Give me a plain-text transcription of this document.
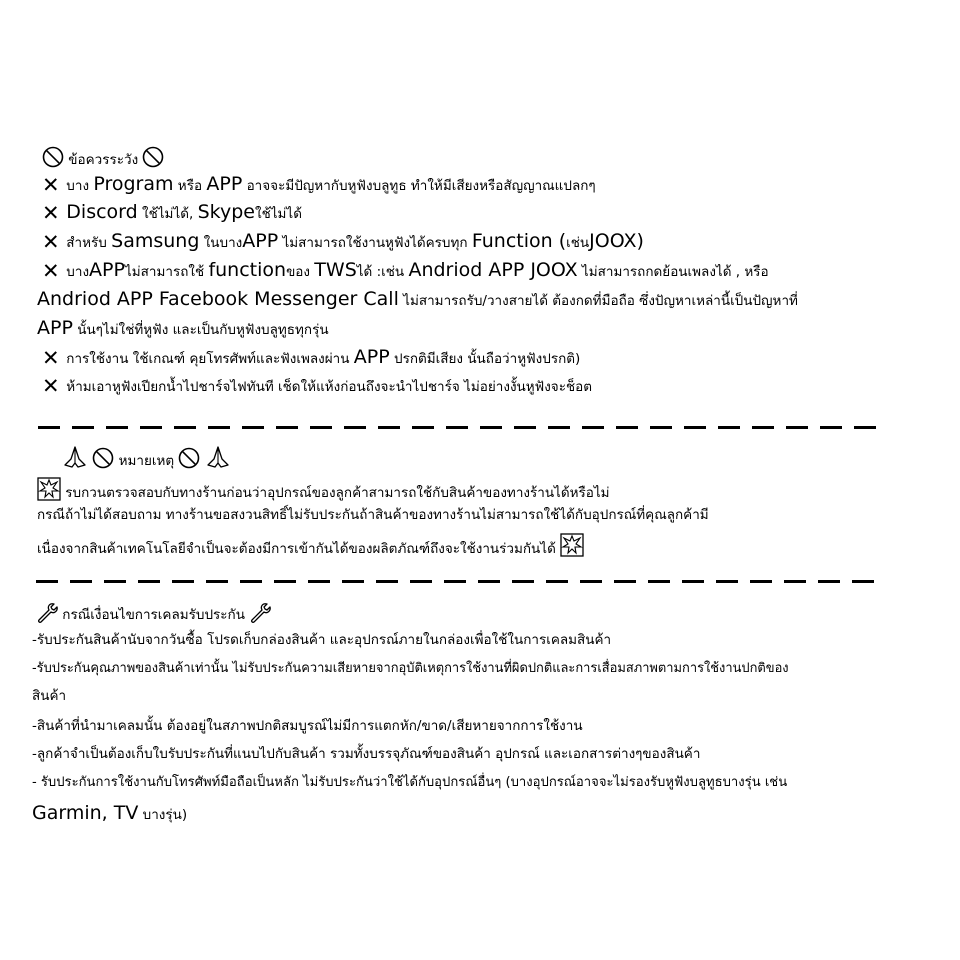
ข้อควรระวัง
✕ บาง Program หรือ APP อาจจะมีปัญหากับหูฟังบลูทูธ ทำให้มีเสียงหรือสัญญาณแปลกๆ
✕ Discord ใช้ไม่ได้, Skypeใช้ไม่ได้
✕ สำหรับ Samsung ในบางAPP ไม่สามารถใช้งานหูฟังได้ครบทุก Function (เช่นJOOX)
✕ บางAPPไม่สามารถใช้ functionของ TWSได้ :เช่น Andriod APP JOOX ไม่สามารถกดย้อนเพลงได้ , หรือ
Andriod APP Facebook Messenger Call ไม่สามารถรับ/วางสายได้ ต้องกดที่มือถือ ซึ่งปัญหาเหล่านี้เป็นปัญหาที่
APP นั้นๆไม่ใช่ที่หูฟัง และเป็นกับหูฟังบลูทูธทุกรุ่น
✕ การใช้งาน ใช้เกณฑ์ คุยโทรศัพท์และฟังเพลงผ่าน APP ปรกติมีเสียง นั้นถือว่าหูฟังปรกติ)
✕ ห้ามเอาหูฟังเปียกน้ำไปชาร์จไฟทันที เช็ดให้แห้งก่อนถึงจะนำไปชาร์จ ไม่อย่างงั้นหูฟังจะช็อต
หมายเหตุ
รบกวนตรวจสอบกับทางร้านก่อนว่าอุปกรณ์ของลูกค้าสามารถใช้กับสินค้าของทางร้านได้หรือไม่
กรณีถ้าไม่ได้สอบถาม ทางร้านขอสงวนสิทธิ์ไม่รับประกันถ้าสินค้าของทางร้านไม่สามารถใช้ได้กับอุปกรณ์ที่คุณลูกค้ามี
เนื่องจากสินค้าเทคโนโลยีจำเป็นจะต้องมีการเข้ากันได้ของผลิตภัณฑ์ถึงจะใช้งานร่วมกันได้
กรณีเงื่อนไขการเคลมรับประกัน
-รับประกันสินค้านับจากวันซื้อ โปรดเก็บกล่องสินค้า และอุปกรณ์ภายในกล่องเพื่อใช้ในการเคลมสินค้า
-รับประกันคุณภาพของสินค้าเท่านั้น ไม่รับประกันความเสียหายจากอุบัติเหตุการใช้งานที่ผิดปกติและการเสื่อมสภาพตามการใช้งานปกติของ
สินค้า
-สินค้าที่นำมาเคลมนั้น ต้องอยู่ในสภาพปกติสมบูรณ์ไม่มีการแตกหัก/ขาด/เสียหายจากการใช้งาน
-ลูกค้าจำเป็นต้องเก็บใบรับประกันที่แนบไปกับสินค้า รวมทั้งบรรจุภัณฑ์ของสินค้า อุปกรณ์ และเอกสารต่างๆของสินค้า
- รับประกันการใช้งานกับโทรศัพท์มือถือเป็นหลัก ไม่รับประกันว่าใช้ได้กับอุปกรณ์อื่นๆ (บางอุปกรณ์อาจจะไม่รองรับหูฟังบลูทูธบางรุ่น เช่น
Garmin, TV บางรุ่น)
